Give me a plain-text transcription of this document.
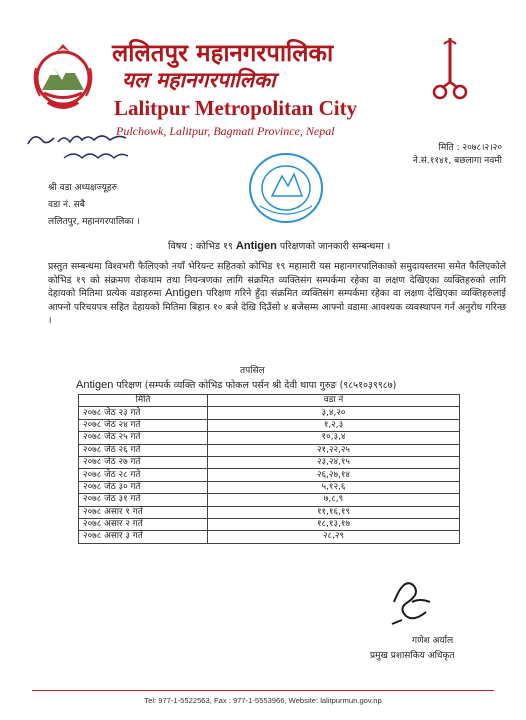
ललितपुर महानगरपालिका
यल महानगरपालिका
Lalitpur Metropolitan City
Pulchowk, Lalitpur, Bagmati Province, Nepal
मिति : २०७८।२।२०
ने.सं.११४१, बछलागा नवमी
श्री वडा अध्यक्षज्यूहरु
वडा नं. सबै
ललितपुर, महानगरपालिका ।
विषय : कोभिड १९ Antigen परिक्षणको जानकारी सम्बन्धमा ।
प्रस्तुत सम्बन्धमा विश्वभरी फैलिएको नयाँ भेरियन्ट सहितको कोभिड १९ महामारी यस महानगरपालिकाको समुदायस्तरमा समेत फैलिएकोले कोभिड १९ को संक्रमण रोकथाम तथा नियन्त्रणका लागि संक्रमित व्यक्तिसंग सम्पर्कमा रहेका वा लक्षण देखिएका व्यक्तिहरुको लागि देहायको मितिमा प्रत्येक वडाहरुमा Antigen परिक्षण गरिने हुँदा संक्रमित व्यक्तिसंग सम्पर्कमा रहेका वा लक्षण देखिएका व्यक्तिहरुलाई आफ्नो परिचयपत्र सहित देहायको मितिमा बिहान १० बजे देखि दिउँसो ४ बजेसम्म आफ्नो वडामा आवश्यक व्यवस्थापन गर्न अनुरोध गरिन्छ ।
तपसिल
Antigen परिक्षण (सम्पर्क व्यक्ति कोभिड फोकल पर्सन श्री देवी थापा गुरुङ (९८५१०३९९८७)
मिति	वडा नं
२०७८ जेठ २३ गते	३,४,२०
२०७८ जेठ २४ गते	१,२,३
२०७८ जेठ २५ गते	१०,३,४
२०७८ जेठ २६ गते	२१,२२,२५
२०७८ जेठ २७ गते	२३,२४,१५
२०७८ जेठ २८ गते	२६,२७,१४
२०७८ जेठ ३० गते	५,१२,६
२०७८ जेठ ३१ गते	७,८,९
२०७८ असार १ गते	११,१६,१९
२०७८ असार २ गते	१८,१३,१७
२०७८ असार ३ गते	२८,२९
गणेश अर्याल
प्रमुख प्रशासकिय अधिकृत
Tel: 977-1-5522563, Fax : 977-1-5553966, Website: lalitpurmun.gov.np
